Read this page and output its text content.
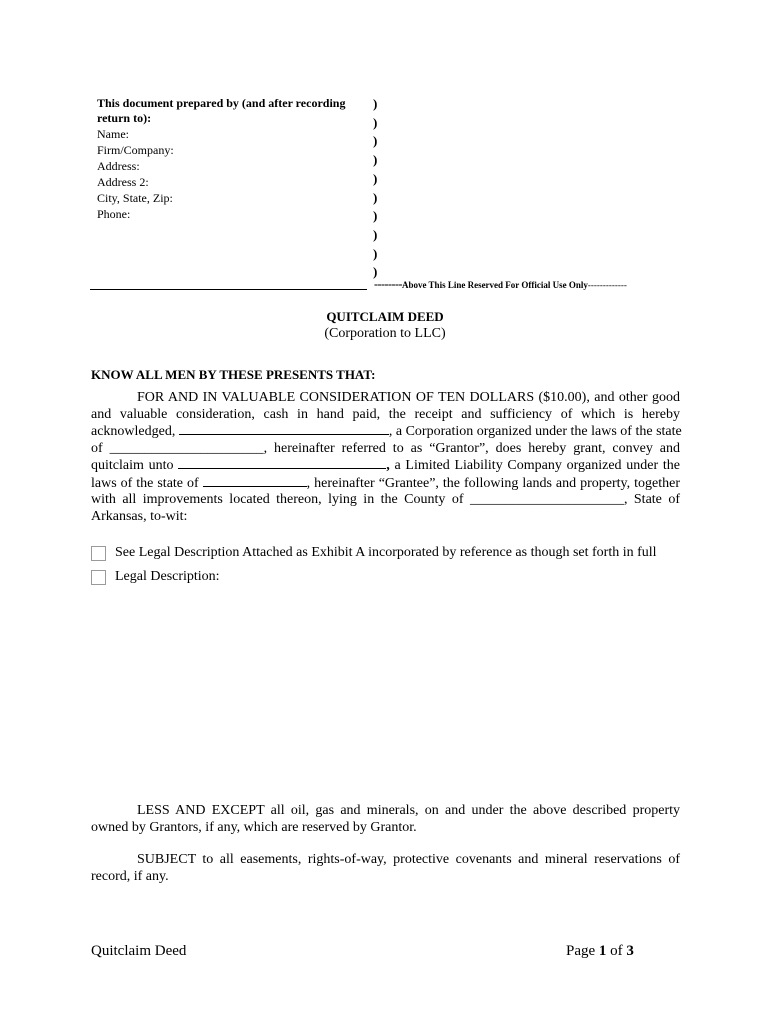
This document prepared by (and after recording return to):
Name:
Firm/Company:
Address:
Address 2:
City, State, Zip:
Phone:
)
)
)
)
)
)
)
)
)
)
--------Above This Line Reserved For Official Use Only-------------
QUITCLAIM DEED
(Corporation to LLC)
KNOW ALL MEN BY THESE PRESENTS THAT:
FOR AND IN VALUABLE CONSIDERATION OF TEN DOLLARS ($10.00), and other good
and valuable consideration, cash in hand paid, the receipt and sufficiency of which is hereby
acknowledged,	, a Corporation organized under the laws of the state
of ______________________, hereinafter referred to as “Grantor”, does hereby grant, convey and
quitclaim unto	, a Limited Liability Company organized under the
laws of the state of	, hereinafter “Grantee”, the following lands and property, together
with all improvements located thereon, lying in the County of ______________________, State of
Arkansas, to-wit:
See Legal Description Attached as Exhibit A incorporated by reference as though set forth in full
Legal Description:
LESS AND EXCEPT all oil, gas and minerals, on and under the above described property owned by Grantors, if any, which are reserved by Grantor.
SUBJECT to all easements, rights-of-way, protective covenants and mineral reservations of record, if any.
Quitclaim Deed	Page 1 of 3
